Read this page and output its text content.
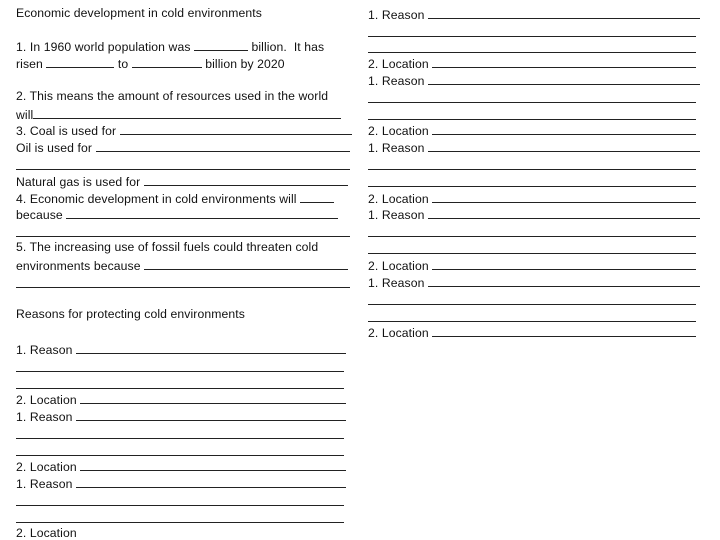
Economic development in cold environments
1. In 1960 world population was	billion.  It has
risen	to	billion by 2020
2. This means the amount of resources used in the world
will
3. Coal is used for
Oil is used for
Natural gas is used for
4. Economic development in cold environments will
because
5. The increasing use of fossil fuels could threaten cold
environments because
Reasons for protecting cold environments
1. Reason
2. Location
1. Reason
2. Location
1. Reason
2. Location
1. Reason
2. Location
1. Reason
2. Location
1. Reason
2. Location
1. Reason
2. Location
1. Reason
2. Location
